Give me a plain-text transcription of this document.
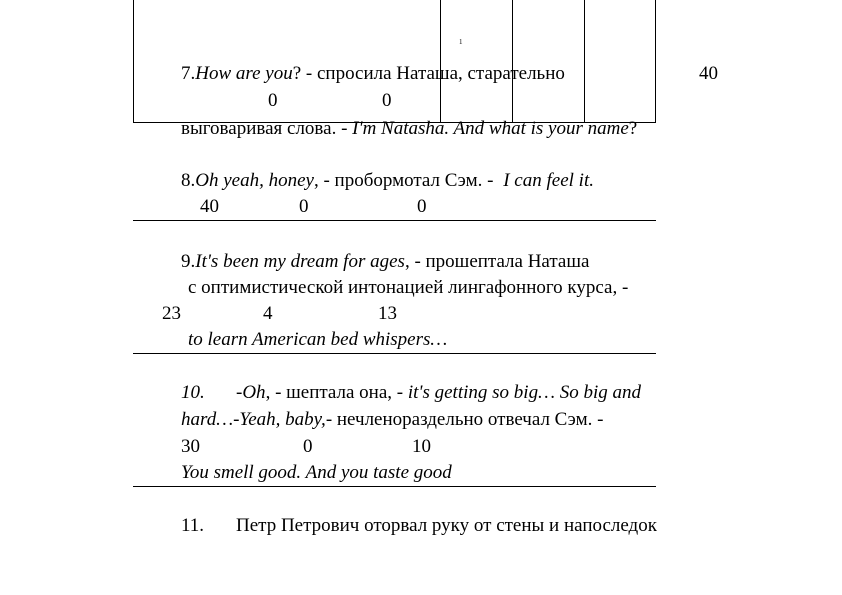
1
7.How are you? - спросила Наташа, старательно	40
0	0
выговаривая слова. - I'm Natasha. And what is your name?
8.Oh yeah, honey, - пробормотал Сэм. - I can feel it.
40	0	0
9.It's been my dream for ages, - прошептала Наташа
с оптимистической интонацией лингафонного курса, -
23	4	13
to learn American bed whispers…
10. -Oh, - шептала она, - it's getting so big… So big and
hard…-Yeah, baby,- нечленораздельно отвечал Сэм. -
30	0	10
You smell good. And you taste good
11. Петр Петрович оторвал руку от стены и напоследок
